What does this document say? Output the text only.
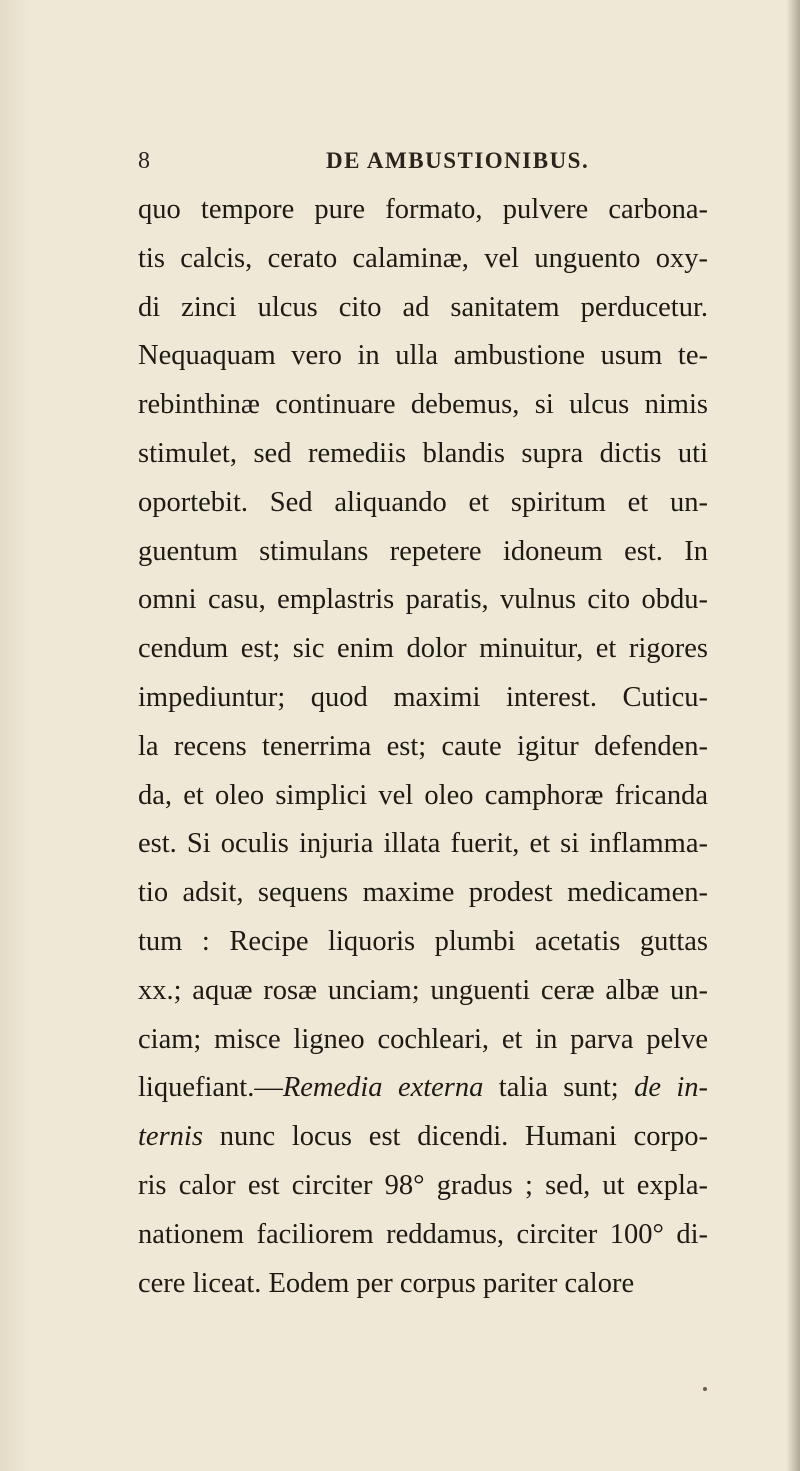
8	DE AMBUSTIONIBUS.
quo tempore pure formato, pulvere carbona-
tis calcis, cerato calaminæ, vel unguento oxy-
di zinci ulcus cito ad sanitatem perducetur.
Nequaquam vero in ulla ambustione usum te-
rebinthinæ continuare debemus, si ulcus nimis
stimulet, sed remediis blandis supra dictis uti
oportebit. Sed aliquando et spiritum et un-
guentum stimulans repetere idoneum est. In
omni casu, emplastris paratis, vulnus cito obdu-
cendum est; sic enim dolor minuitur, et rigores
impediuntur; quod maximi interest. Cuticu-
la recens tenerrima est; caute igitur defenden-
da, et oleo simplici vel oleo camphoræ fricanda
est. Si oculis injuria illata fuerit, et si inflamma-
tio adsit, sequens maxime prodest medicamen-
tum : Recipe liquoris plumbi acetatis guttas
xx.; aquæ rosæ unciam; unguenti ceræ albæ un-
ciam; misce ligneo cochleari, et in parva pelve
liquefiant.—Remedia externa talia sunt; de in-
ternis nunc locus est dicendi. Humani corpo-
ris calor est circiter 98° gradus ; sed, ut expla-
nationem faciliorem reddamus, circiter 100° di-
cere liceat. Eodem per corpus pariter calore
